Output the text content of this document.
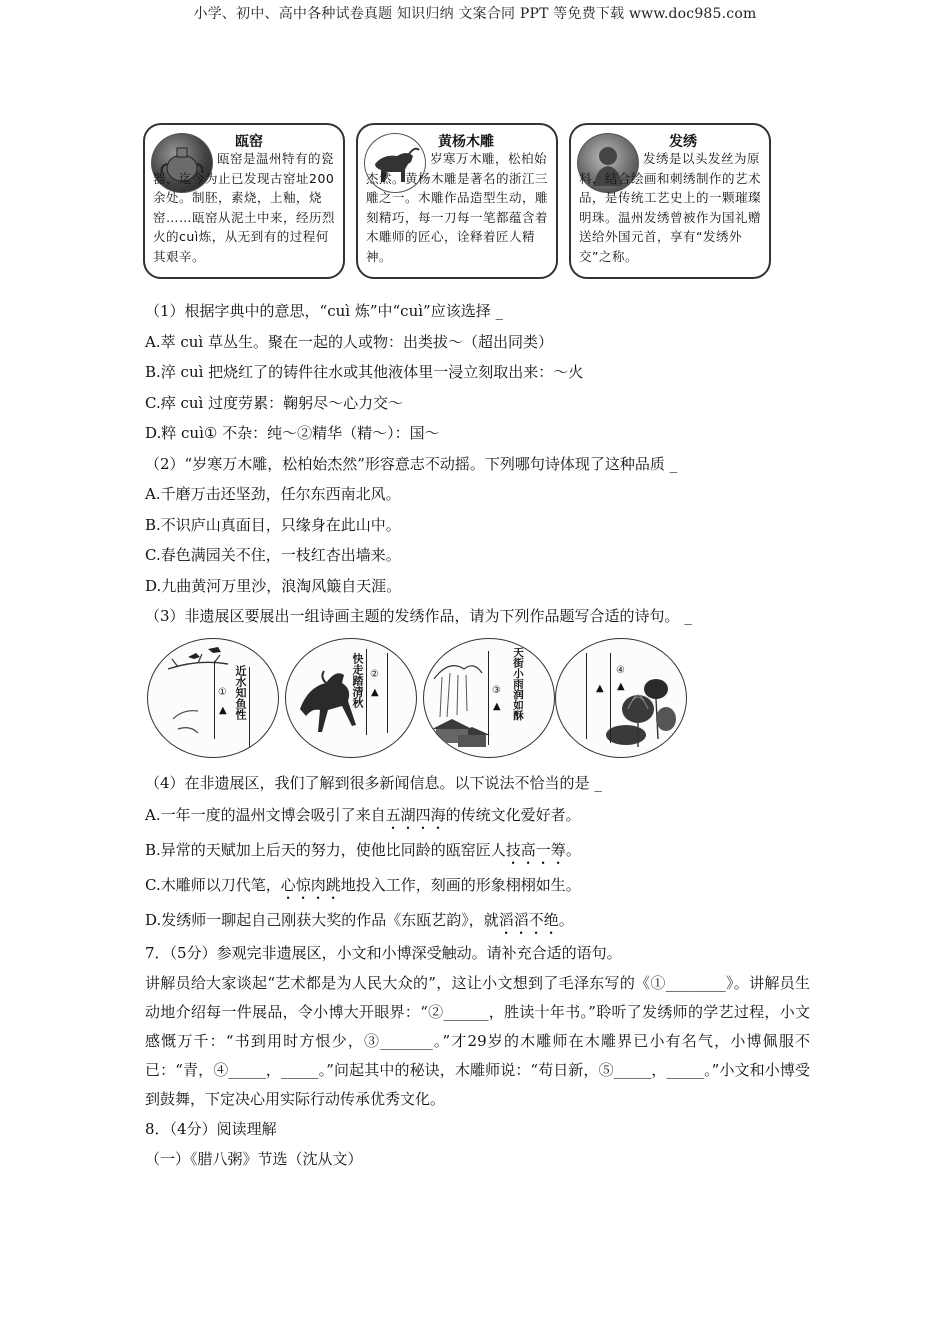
小学、初中、高中各种试卷真题 知识归纳 文案合同 PPT 等免费下载 www.doc985.com
瓯窑
瓯窑是温州特有的瓷器，迄今为止已发现古窑址200余处。制胚，素烧，上釉，烧窑……瓯窑从泥土中来，经历烈火的cuì炼，从无到有的过程何其艰辛。
黄杨木雕
岁寒万木雕，松柏始杰然。黄杨木雕是著名的浙江三雕之一。木雕作品造型生动，雕刻精巧，每一刀每一笔都蕴含着木雕师的匠心，诠释着匠人精神。
发绣
发绣是以头发丝为原料，结合绘画和刺绣制作的艺术品，是传统工艺史上的一颗璀璨明珠。温州发绣曾被作为国礼赠送给外国元首，享有“发绣外交”之称。
（1）根据字典中的意思，“cuì 炼”中“cuì”应该选择 _
A.萃 cuì 草丛生。聚在一起的人或物：出类拔～（超出同类）
B.淬 cuì 把烧红了的铸件往水或其他液体里一浸立刻取出来：～火
C.瘁 cuì 过度劳累：鞠躬尽～心力交～
D.粹 cuì① 不杂：纯～②精华（精～）：国～
（2）“岁寒万木雕，松柏始杰然”形容意志不动摇。下列哪句诗体现了这种品质 _
A.千磨万击还坚劲，任尔东西南北风。
B.不识庐山真面目，只缘身在此山中。
C.春色满园关不住，一枝红杏出墙来。
D.九曲黄河万里沙，浪淘风簸自天涯。
（3）非遗展区要展出一组诗画主题的发绣作品，请为下列作品题写合适的诗句。 _
①
▲ 近水知鱼性	快走踏清秋 ②
▲	③
▲ 天街小雨润如酥	▲
④
▲
（4）在非遗展区，我们了解到很多新闻信息。以下说法不恰当的是 _
A.一年一度的温州文博会吸引了来自五湖四海的传统文化爱好者。
B.异常的天赋加上后天的努力，使他比同龄的瓯窑匠人技高一筹。
C.木雕师以刀代笔，心惊肉跳地投入工作，刻画的形象栩栩如生。
D.发绣师一聊起自己刚获大奖的作品《东瓯艺韵》，就滔滔不绝。
7．（5分）参观完非遗展区，小文和小博深受触动。请补充合适的语句。
讲解员给大家谈起“艺术都是为人民大众的”，这让小文想到了毛泽东写的《①________》。讲解员生动地介绍每一件展品，令小博大开眼界：“②______，胜读十年书。”聆听了发绣师的学艺过程，小文感慨万千：“书到用时方恨少，③_______。”才29岁的木雕师在木雕界已小有名气，小博佩服不已：“青，④_____，_____。”问起其中的秘诀，木雕师说：“苟日新，⑤_____，_____。”小文和小博受到鼓舞，下定决心用实际行动传承优秀文化。
8．（4分）阅读理解
（一）《腊八粥》节选（沈从文）
